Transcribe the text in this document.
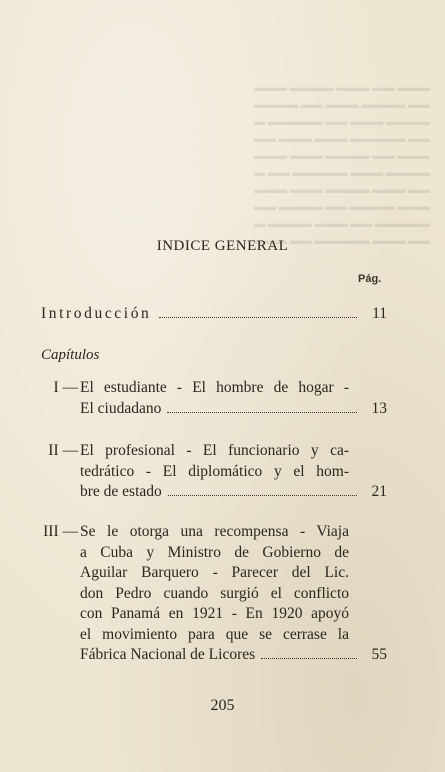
▬▬▬ ▬▬ ▬▬▬ ▬▬▬▬ ▬▬▬
▬▬ ▬▬▬▬ ▬▬▬ ▬▬ ▬▬▬▬
▬▬▬▬ ▬▬▬ ▬▬ ▬▬▬▬▬ ▬
▬▬ ▬▬▬▬▬ ▬▬▬ ▬▬▬ ▬▬
▬▬▬ ▬▬ ▬▬▬▬ ▬▬▬ ▬▬▬
▬▬▬▬ ▬▬▬ ▬▬▬▬▬ ▬▬ ▬
▬▬ ▬▬▬ ▬▬▬▬ ▬▬▬ ▬▬▬
▬▬▬ ▬▬▬▬ ▬▬ ▬▬▬▬ ▬▬
▬▬▬▬▬ ▬▬ ▬▬▬ ▬▬▬▬ ▬
▬▬ ▬▬▬ ▬▬▬▬▬ ▬▬ ▬▬▬
INDICE GENERAL
Pág.
Introducción	11
Capítulos
I — El estudiante - El hombre de hogar -
El ciudadano	13
II — El profesional - El funcionario y ca-
tedrático - El diplomático y el hom-
bre de estado	21
III — Se le otorga una recompensa - Viaja
a Cuba y Ministro de Gobierno de
Aguilar Barquero - Parecer del Lic.
don Pedro cuando surgió el conflicto
con Panamá en 1921 - En 1920 apoyó
el movimiento para que se cerrase la
Fábrica Nacional de Licores	55
205
